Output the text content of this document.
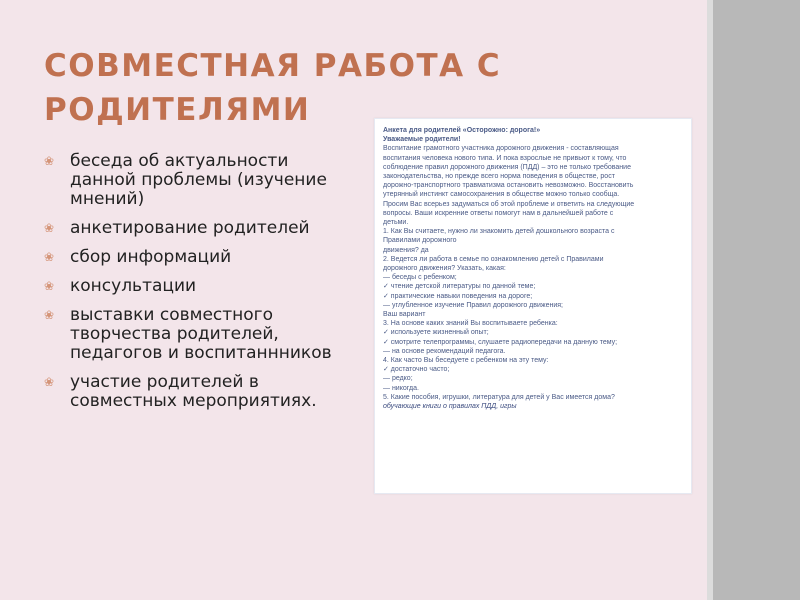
СОВМЕСТНАЯ РАБОТА С РОДИТЕЛЯМИ
❀ беседа об актуальности данной проблемы (изучение мнений)
❀ анкетирование родителей
❀ сбор информаций
❀ консультации
❀ выставки совместного творчества родителей, педагогов и воспитаннников
❀ участие родителей в совместных мероприятиях.
Анкета для родителей «Осторожно: дорога!»
Уважаемые родители!
Воспитание грамотного участника дорожного движения - составляющая
воспитания человека нового типа. И пока взрослые не привьют к тому, что
соблюдение правил дорожного движения (ПДД) – это не только требование
законодательства, но прежде всего норма поведения в обществе, рост
дорожно-транспортного травматизма остановить невозможно. Восстановить
утерянный инстинкт самосохранения в обществе можно только сообща.
Просим Вас всерьез задуматься об этой проблеме и ответить на следующие
вопросы. Ваши искренние ответы помогут нам в дальнейшей работе с
детьми.
1. Как Вы считаете, нужно ли знакомить детей дошкольного возраста с
Правилами дорожного
движения? да
2. Ведется ли работа в семье по ознакомлению детей с Правилами
дорожного движения? Указать, какая:
— беседы с ребенком;
✓ чтение детской литературы по данной теме;
✓ практические навыки поведения на дороге;
— углубленное изучение Правил дорожного движения;
Ваш вариант
3. На основе каких знаний Вы воспитываете ребенка:
✓ используете жизненный опыт;
✓ смотрите телепрограммы, слушаете радиопередачи на данную тему;
— на основе рекомендаций педагога.
4. Как часто Вы беседуете с ребенком на эту тему:
✓ достаточно часто;
— редко;
— никогда.
5. Какие пособия, игрушки, литература для детей у Вас имеется дома?
обучающие книги о правилах ПДД, игры
